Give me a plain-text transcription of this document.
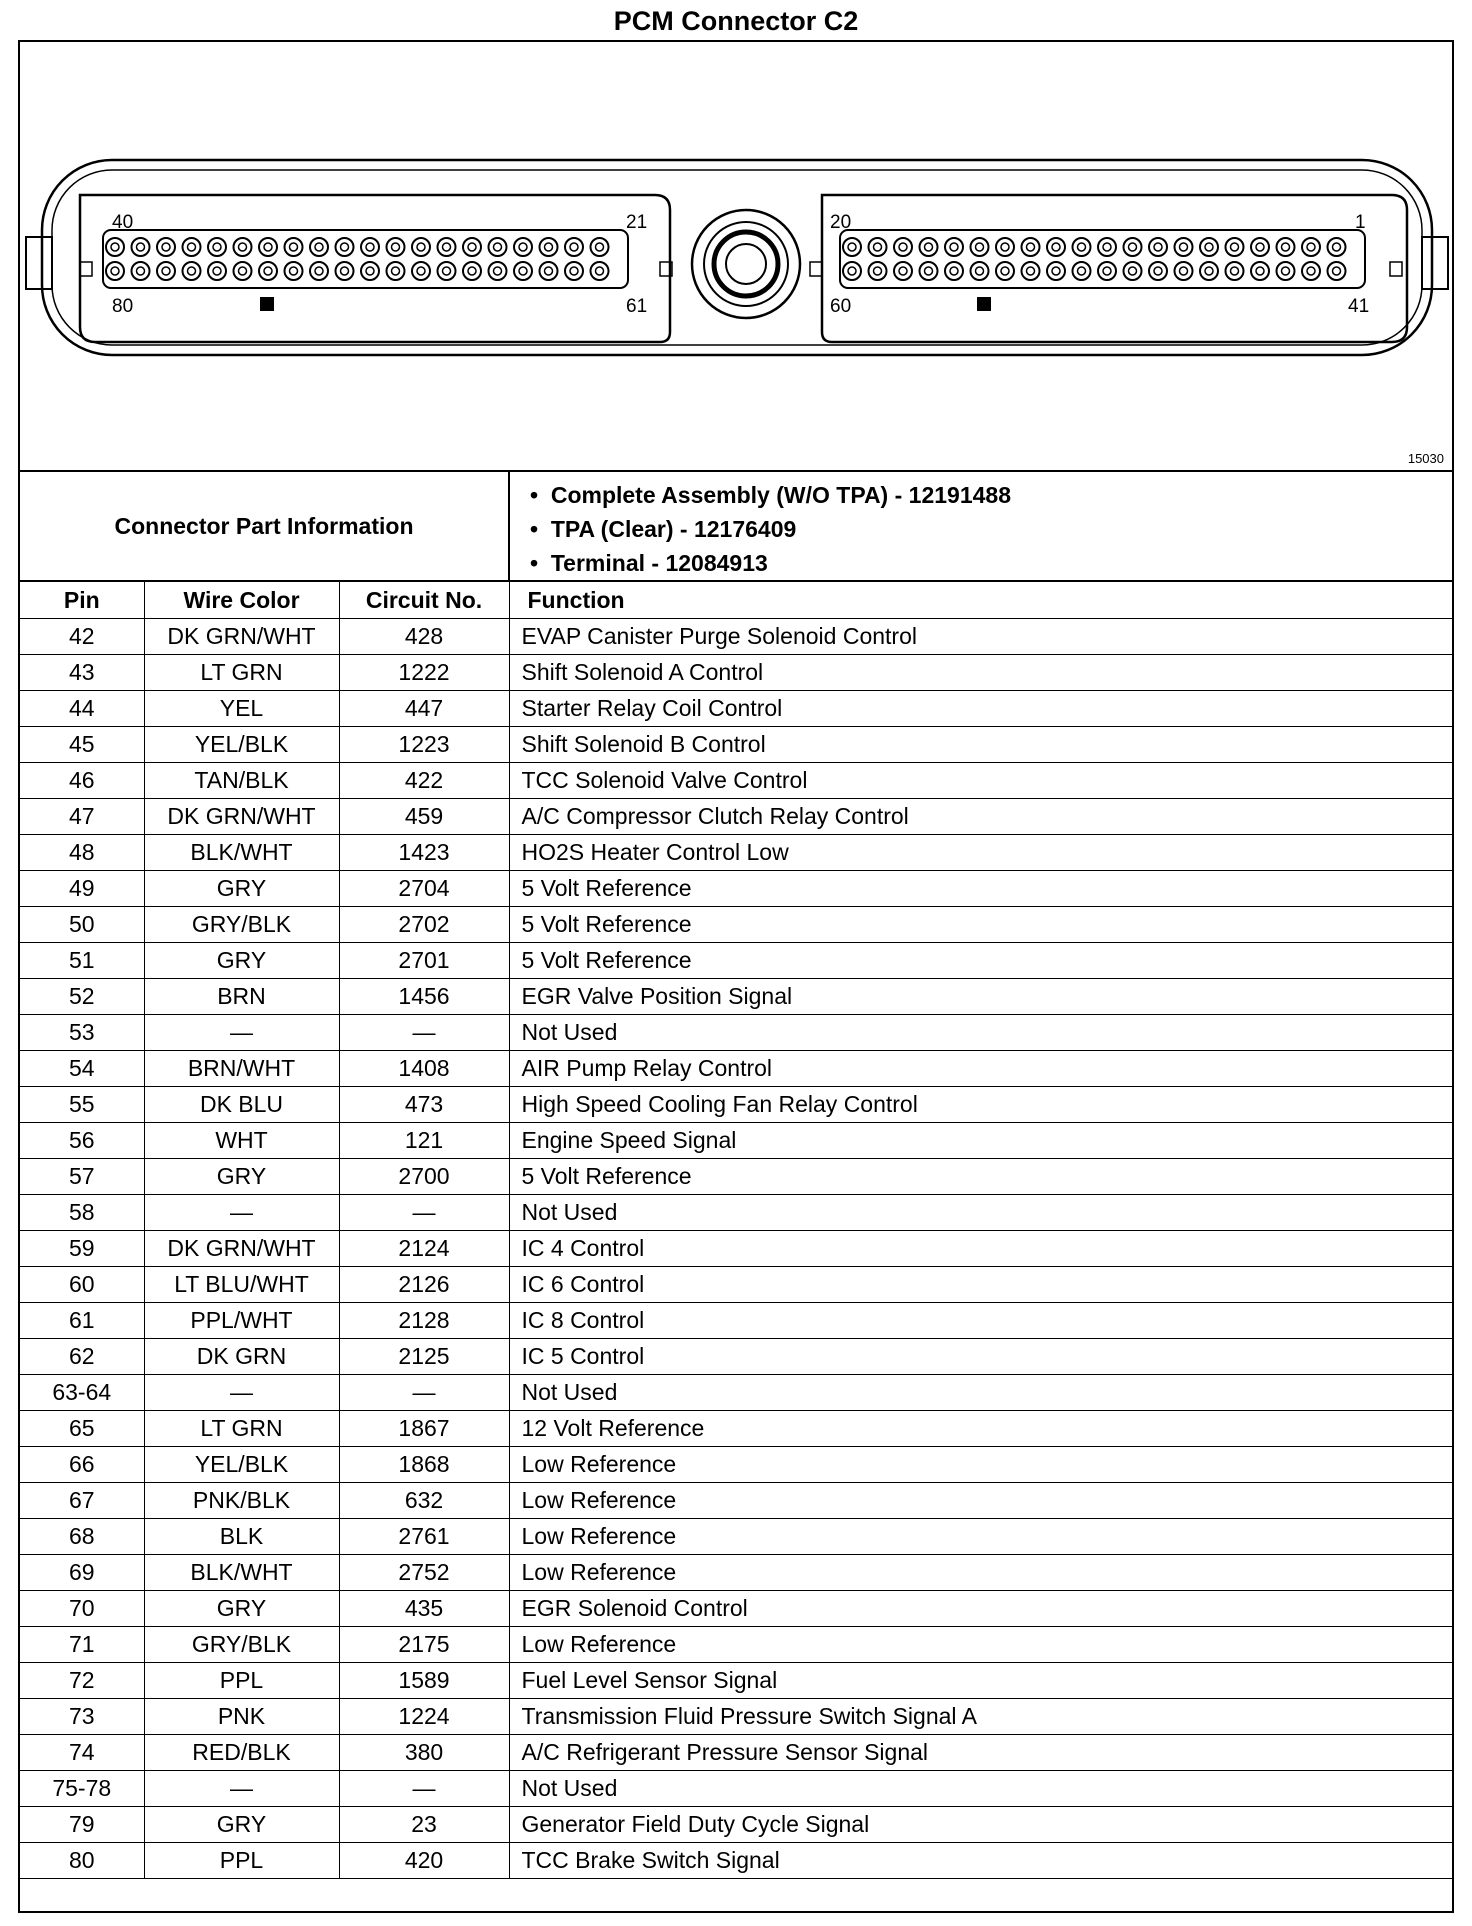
PCM Connector C2
40	21
80	61
20	1
60	41
15030
Connector Part Information
•  Complete Assembly (W/O TPA) - 12191488
•  TPA (Clear) - 12176409
•  Terminal - 12084913
Pin	Wire Color	Circuit No.	Function
42	DK GRN/WHT	428	EVAP Canister Purge Solenoid Control
43	LT GRN	1222	Shift Solenoid A Control
44	YEL	447	Starter Relay Coil Control
45	YEL/BLK	1223	Shift Solenoid B Control
46	TAN/BLK	422	TCC Solenoid Valve Control
47	DK GRN/WHT	459	A/C Compressor Clutch Relay Control
48	BLK/WHT	1423	HO2S Heater Control Low
49	GRY	2704	5 Volt Reference
50	GRY/BLK	2702	5 Volt Reference
51	GRY	2701	5 Volt Reference
52	BRN	1456	EGR Valve Position Signal
53	—	—	Not Used
54	BRN/WHT	1408	AIR Pump Relay Control
55	DK BLU	473	High Speed Cooling Fan Relay Control
56	WHT	121	Engine Speed Signal
57	GRY	2700	5 Volt Reference
58	—	—	Not Used
59	DK GRN/WHT	2124	IC 4 Control
60	LT BLU/WHT	2126	IC 6 Control
61	PPL/WHT	2128	IC 8 Control
62	DK GRN	2125	IC 5 Control
63-64	—	—	Not Used
65	LT GRN	1867	12 Volt Reference
66	YEL/BLK	1868	Low Reference
67	PNK/BLK	632	Low Reference
68	BLK	2761	Low Reference
69	BLK/WHT	2752	Low Reference
70	GRY	435	EGR Solenoid Control
71	GRY/BLK	2175	Low Reference
72	PPL	1589	Fuel Level Sensor Signal
73	PNK	1224	Transmission Fluid Pressure Switch Signal A
74	RED/BLK	380	A/C Refrigerant Pressure Sensor Signal
75-78	—	—	Not Used
79	GRY	23	Generator Field Duty Cycle Signal
80	PPL	420	TCC Brake Switch Signal
